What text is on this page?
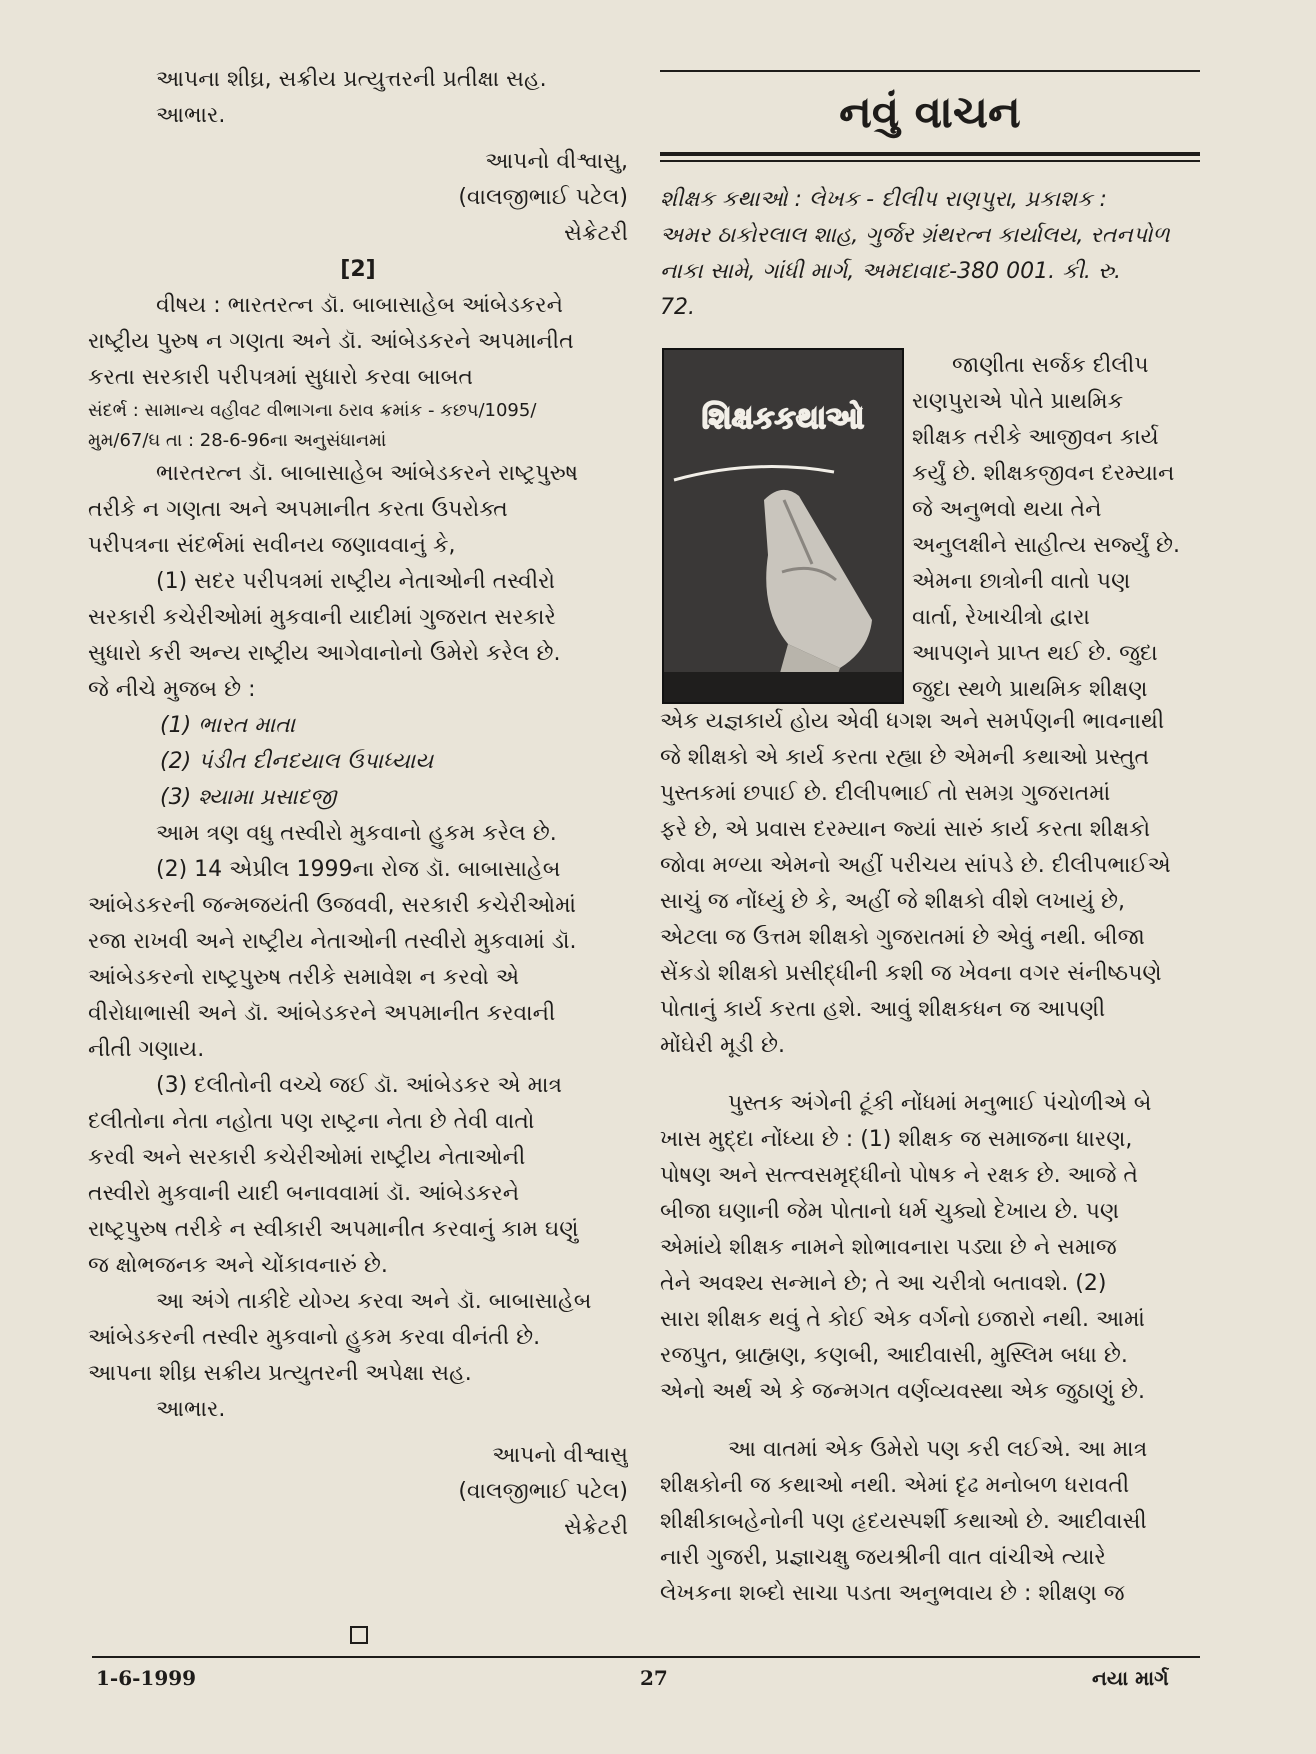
આપના શીઘ્ર, સક્રીય પ્રત્યુત્તરની પ્રતીક્ષા સહ.
આભાર.
આપનો વીશ્વાસુ,
(વાલજીભાઈ પટેલ)
સેક્રેટરી
[2]
વીષય : ભારતરત્ન ડૉ. બાબાસાહેબ આંબેડકરને
રાષ્ટ્રીય પુરુષ ન ગણતા અને ડૉ. આંબેડકરને અપમાનીત
કરતા સરકારી પરીપત્રમાં સુધારો કરવા બાબત
સંદર્ભ : સામાન્ય વહીવટ વીભાગના ઠરાવ ક્રમાંક - કછપ/1095/
મુમ/67/ઘ તા : 28-6-96ના અનુસંધાનમાં
ભારતરત્ન ડૉ. બાબાસાહેબ આંબેડકરને રાષ્ટ્રપુરુષ
તરીકે ન ગણતા અને અપમાનીત કરતા ઉપરોક્ત
પરીપત્રના સંદર્ભમાં સવીનય જણાવવાનું કે,
(1) સદર પરીપત્રમાં રાષ્ટ્રીય નેતાઓની તસ્વીરો
સરકારી કચેરીઓમાં મુકવાની યાદીમાં ગુજરાત સરકારે
સુધારો કરી અન્ય રાષ્ટ્રીય આગેવાનોનો ઉમેરો કરેલ છે.
જે નીચે મુજબ છે :
(1) ભારત માતા
(2) પંડીત દીનદયાલ ઉપાધ્યાય
(3) શ્યામા પ્રસાદજી
આમ ત્રણ વધુ તસ્વીરો મુકવાનો હુકમ કરેલ છે.
(2) 14 એપ્રીલ 1999ના રોજ ડૉ. બાબાસાહેબ
આંબેડકરની જન્મજયંતી ઉજવવી, સરકારી કચેરીઓમાં
રજા રાખવી અને રાષ્ટ્રીય નેતાઓની તસ્વીરો મુકવામાં ડૉ.
આંબેડકરનો રાષ્ટ્રપુરુષ તરીકે સમાવેશ ન કરવો એ
વીરોધાભાસી અને ડૉ. આંબેડકરને અપમાનીત કરવાની
નીતી ગણાય.
(3) દલીતોની વચ્ચે જઈ ડૉ. આંબેડકર એ માત્ર
દલીતોના નેતા નહોતા પણ રાષ્ટ્રના નેતા છે તેવી વાતો
કરવી અને સરકારી કચેરીઓમાં રાષ્ટ્રીય નેતાઓની
તસ્વીરો મુકવાની યાદી બનાવવામાં ડૉ. આંબેડકરને
રાષ્ટ્રપુરુષ તરીકે ન સ્વીકારી અપમાનીત કરવાનું કામ ઘણું
જ ક્ષોભજનક અને ચોંકાવનારું છે.
આ અંગે તાકીદે યોગ્ય કરવા અને ડૉ. બાબાસાહેબ
આંબેડકરની તસ્વીર મુકવાનો હુકમ કરવા વીનંતી છે.
આપના શીઘ્ર સક્રીય પ્રત્યુતરની અપેક્ષા સહ.
આભાર.
આપનો વીશ્વાસુ
(વાલજીભાઈ પટેલ)
સેક્રેટરી
નવું વાચન
શીક્ષક કથાઓ : લેખક - દીલીપ રાણપુરા, પ્રકાશક :
અમર ઠાકોરલાલ શાહ, ગુર્જર ગ્રંથરત્ન કાર્યાલય, રતનપોળ
નાકા સામે, ગાંધી માર્ગ, અમદાવાદ-380 001. કી. રુ.
72.
શિક્ષકકથાઓ
જાણીતા સર્જક દીલીપ
રાણપુરાએ પોતે પ્રાથમિક
શીક્ષક તરીકે આજીવન કાર્ય
કર્યું છે. શીક્ષકજીવન દરમ્યાન
જે અનુભવો થયા તેને
અનુલક્ષીને સાહીત્ય સર્જ્યું છે.
એમના છાત્રોની વાતો પણ
વાર્તા, રેખાચીત્રો દ્વારા
આપણને પ્રાપ્ત થઈ છે. જુદા
જુદા સ્થળે પ્રાથમિક શીક્ષણ
એક યજ્ઞકાર્ય હોય એવી ધગશ અને સમર્પણની ભાવનાથી
જે શીક્ષકો એ કાર્ય કરતા રહ્યા છે એમની કથાઓ પ્રસ્તુત
પુસ્તકમાં છપાઈ છે. દીલીપભાઈ તો સમગ્ર ગુજરાતમાં
ફરે છે, એ પ્રવાસ દરમ્યાન જ્યાં સારું કાર્ય કરતા શીક્ષકો
જોવા મળ્યા એમનો અહીં પરીચય સાંપડે છે. દીલીપભાઈએ
સાચું જ નોંધ્યું છે કે, અહીં જે શીક્ષકો વીશે લખાયું છે,
એટલા જ ઉત્તમ શીક્ષકો ગુજરાતમાં છે એવું નથી. બીજા
સેંકડો શીક્ષકો પ્રસીદ્ધીની કશી જ ખેવના વગર સંનીષ્ઠપણે
પોતાનું કાર્ય કરતા હશે. આવું શીક્ષકધન જ આપણી
મોંઘેરી મૂડી છે.
પુસ્તક અંગેની ટૂંકી નોંધમાં મનુભાઈ પંચોળીએ બે
ખાસ મુદ્દા નોંધ્યા છે : (1) શીક્ષક જ સમાજના ધારણ,
પોષણ અને સત્ત્વસમૃદ્ધીનો પોષક ને રક્ષક છે. આજે તે
બીજા ઘણાની જેમ પોતાનો ધર્મ ચુક્યો દેખાય છે. પણ
એમાંયે શીક્ષક નામને શોભાવનારા પડ્યા છે ને સમાજ
તેને અવશ્ય સન્માને છે; તે આ ચરીત્રો બતાવશે. (2)
સારા શીક્ષક થવું તે કોઈ એક વર્ગનો ઇજારો નથી. આમાં
રજપુત, બ્રાહ્મણ, કણબી, આદીવાસી, મુસ્લિમ બધા છે.
એનો અર્થ એ કે જન્મગત વર્ણવ્યવસ્થા એક જુઠાણું છે.
આ વાતમાં એક ઉમેરો પણ કરી લઈએ. આ માત્ર
શીક્ષકોની જ કથાઓ નથી. એમાં દૃઢ મનોબળ ધરાવતી
શીક્ષીકાબહેનોની પણ હૃદયસ્પર્શી કથાઓ છે. આદીવાસી
નારી ગુજરી, પ્રજ્ઞાચક્ષુ જયશ્રીની વાત વાંચીએ ત્યારે
લેખકના શબ્દો સાચા પડતા અનુભવાય છે : શીક્ષણ જ
1-6-1999	27	નયા માર્ગ
